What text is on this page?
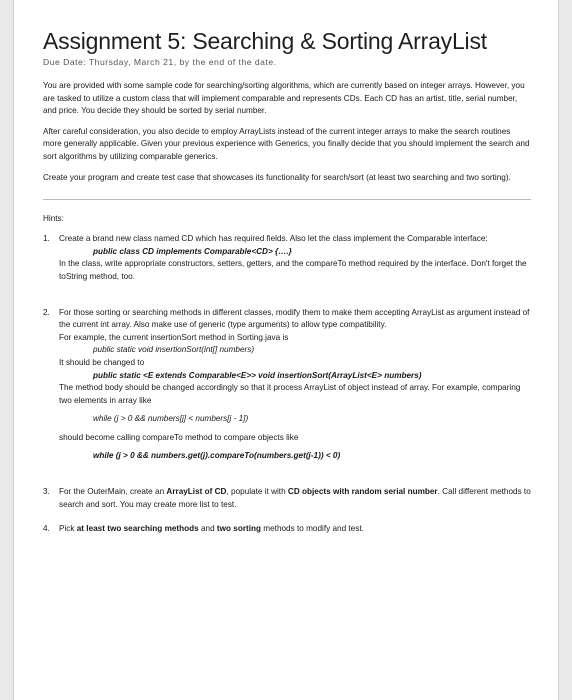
Assignment 5: Searching & Sorting ArrayList
Due Date: Thursday, March 21, by the end of the date.

You are provided with some sample code for searching/sorting algorithms, which are currently based on integer arrays. However, you are tasked to utilize a custom class that will implement comparable and represents CDs. Each CD has an artist, title, serial number, and price. You decide they should be sorted by serial number.

After careful consideration, you also decide to employ ArrayLists instead of the current integer arrays to make the search routines more generally applicable. Given your previous experience with Generics, you finally decide that you should implement the search and sort algorithms by utilizing comparable generics.

Create your program and create test case that showcases its functionality for search/sort (at least two searching and two sorting).

Hints:
1. Create a brand new class named CD which has required fields. Also let the class implement the Comparable interface:
public class CD implements Comparable<CD> {….}
In the class, write appropriate constructors, setters, getters, and the compareTo method required by the interface. Don't forget the toString method, too.
2. For those sorting or searching methods in different classes, modify them to make them accepting ArrayList as argument instead of the current int array. Also make use of generic (type arguments) to allow type compatibility.
For example, the current insertionSort method in Sorting.java is
public static void insertionSort(int[] numbers)
It should be changed to
public static <E extends Comparable<E>> void insertionSort(ArrayList<E> numbers)
The method body should be changed accordingly so that it process ArrayList of object instead of array. For example, comparing two elements in array like
while (j > 0 && numbers[j] < numbers[j - 1])
should become calling compareTo method to compare objects like
while (j > 0 && numbers.get(j).compareTo(numbers.get(j-1)) < 0)
3. For the OuterMain, create an ArrayList of CD, populate it with CD objects with random serial number. Call different methods to search and sort. You may create more list to test.
4. Pick at least two searching methods and two sorting methods to modify and test.
